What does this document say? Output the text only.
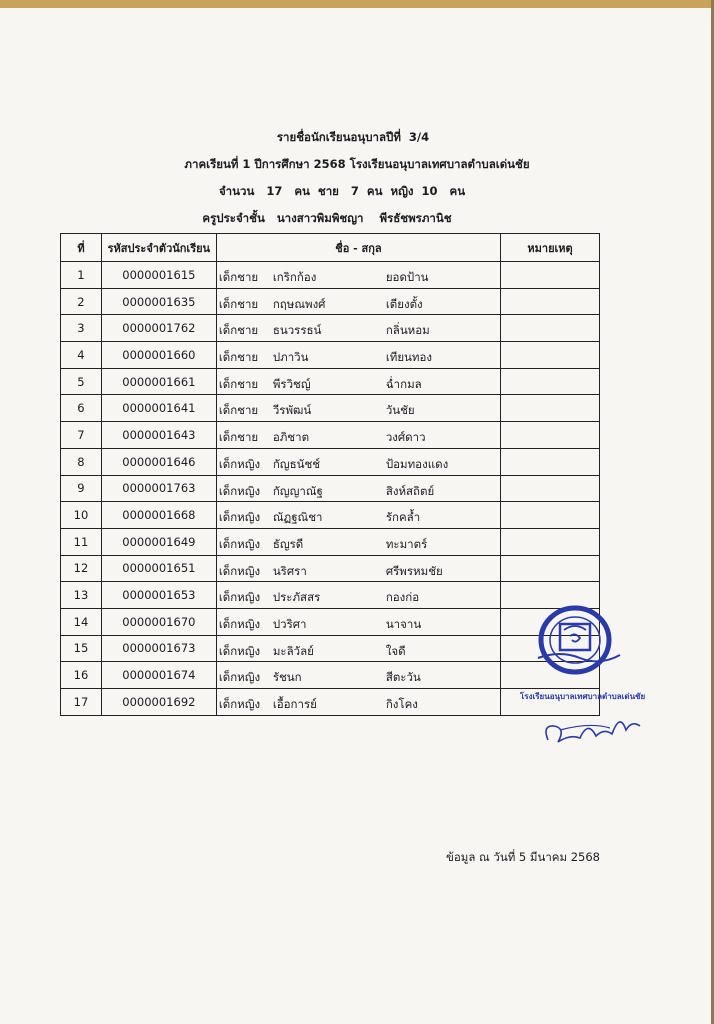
รายชื่อนักเรียนอนุบาลปีที่  3/4
ภาคเรียนที่ 1 ปีการศึกษา 2568 โรงเรียนอนุบาลเทศบาลตำบลเด่นชัย
จำนวน   17   คน  ชาย   7  คน  หญิง  10   คน
ครูประจำชั้น   นางสาวพิมพิชญา    พีรธัชพรภานิช
ที่	รหัสประจำตัวนักเรียน	ชื่อ - สกุล	หมายเหตุ
1	0000001615	เด็กชาย เกริกก้อง ยอดป้าน	

2	0000001635	เด็กชาย กฤษณพงศ์ เตียงตั้ง	

3	0000001762	เด็กชาย ธนวรรธน์ กลิ่นหอม	

4	0000001660	เด็กชาย ปภาวิน เทียนทอง	

5	0000001661	เด็กชาย พีรวิชญ์ ฉ่ำกมล	

6	0000001641	เด็กชาย วีรพัฒน์ วันชัย	

7	0000001643	เด็กชาย อภิชาต วงศ์ดาว	

8	0000001646	เด็กหญิง กัญธนัชช์ ป้อมทองแดง	

9	0000001763	เด็กหญิง กัญญาณัฐ สิงห์สถิตย์	

10	0000001668	เด็กหญิง ณัฏฐณิชา รักคล้ำ	

11	0000001649	เด็กหญิง ธัญรดี ทะมาตร์	

12	0000001651	เด็กหญิง นริศรา ศรีพรหมชัย	

13	0000001653	เด็กหญิง ประภัสสร กองก่อ	

14	0000001670	เด็กหญิง ปวริศา นาจาน	

15	0000001673	เด็กหญิง มะลิวัลย์ ใจดี	

16	0000001674	เด็กหญิง รัชนก สีตะวัน	

17	0000001692	เด็กหญิง เอื้อการย์ กิงโคง	

โรงเรียนอนุบาลเทศบาลตำบลเด่นชัย
ข้อมูล ณ วันที่ 5 มีนาคม 2568
